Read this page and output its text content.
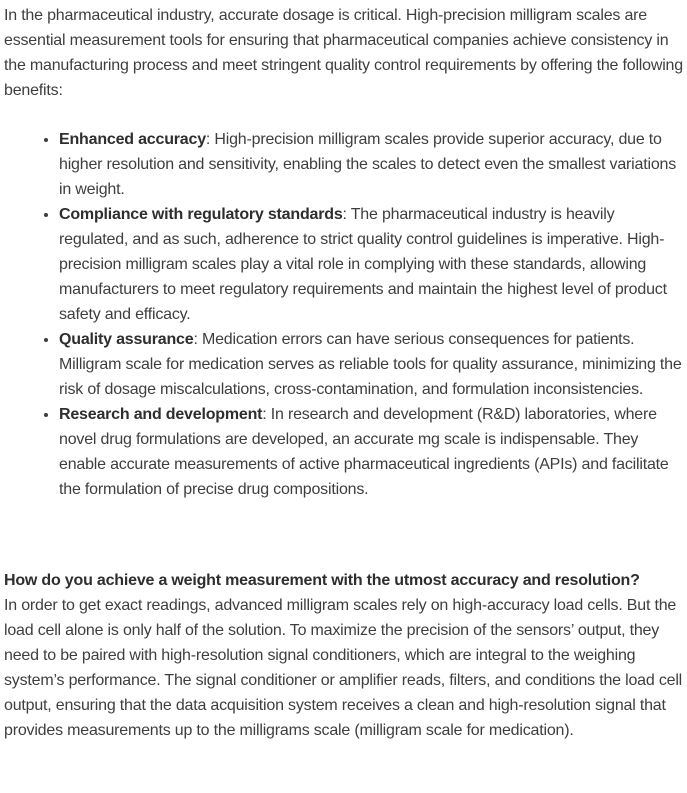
In the pharmaceutical industry, accurate dosage is critical. High-precision milligram scales are essential measurement tools for ensuring that pharmaceutical companies achieve consistency in the manufacturing process and meet stringent quality control requirements by offering the following benefits:

• Enhanced accuracy: High-precision milligram scales provide superior accuracy, due to higher resolution and sensitivity, enabling the scales to detect even the smallest variations in weight.
• Compliance with regulatory standards: The pharmaceutical industry is heavily regulated, and as such, adherence to strict quality control guidelines is imperative. High-precision milligram scales play a vital role in complying with these standards, allowing manufacturers to meet regulatory requirements and maintain the highest level of product safety and efficacy.
• Quality assurance: Medication errors can have serious consequences for patients. Milligram scale for medication serves as reliable tools for quality assurance, minimizing the risk of dosage miscalculations, cross-contamination, and formulation inconsistencies.
• Research and development: In research and development (R&D) laboratories, where novel drug formulations are developed, an accurate mg scale is indispensable. They enable accurate measurements of active pharmaceutical ingredients (APIs) and facilitate the formulation of precise drug compositions.

How do you achieve a weight measurement with the utmost accuracy and resolution?

In order to get exact readings, advanced milligram scales rely on high-accuracy load cells. But the load cell alone is only half of the solution. To maximize the precision of the sensors’ output, they need to be paired with high-resolution signal conditioners, which are integral to the weighing system’s performance. The signal conditioner or amplifier reads, filters, and conditions the load cell output, ensuring that the data acquisition system receives a clean and high-resolution signal that provides measurements up to the milligrams scale (milligram scale for medication).
